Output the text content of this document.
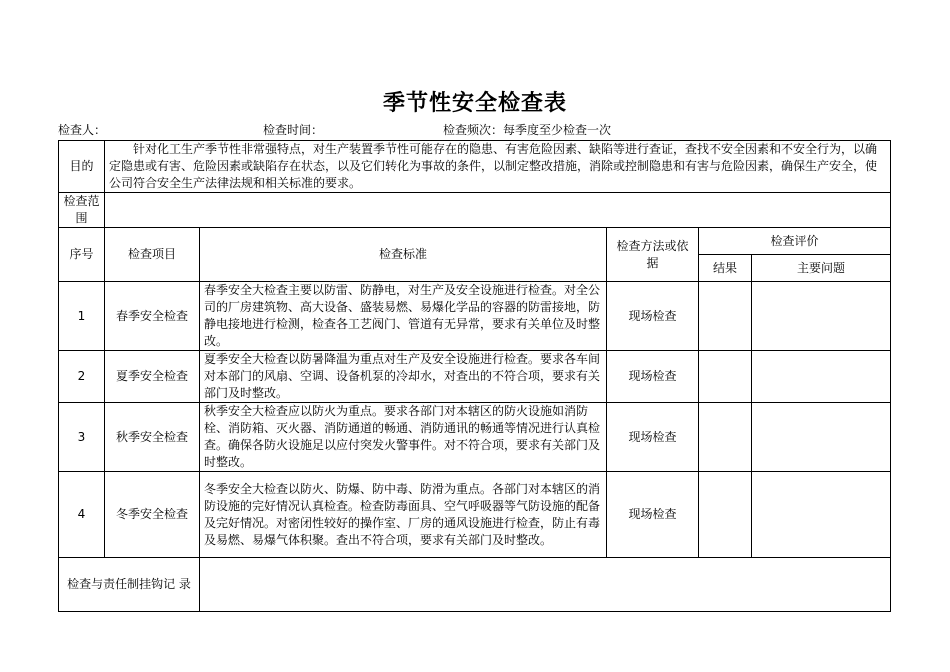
季节性安全检查表
检查人：	检查时间：	检查频次：每季度至少检查一次
目的	针对化工生产季节性非常强特点，对生产装置季节性可能存在的隐患、有害危险因素、缺陷等进行查证，查找不安全因素和不安全行为，以确定隐患或有害、危险因素或缺陷存在状态，以及它们转化为事故的条件，以制定整改措施，消除或控制隐患和有害与危险因素，确保生产安全，使公司符合安全生产法律法规和相关标准的要求。				
检查范围					
序号	检查项目	检查标准	检查方法或依据	检查评价	
				结果	主要问题
1	春季安全检查	春季安全大检查主要以防雷、防静电，对生产及安全设施进行检查。对全公司的厂房建筑物、高大设备、盛装易燃、易爆化学品的容器的防雷接地，防静电接地进行检测，检查各工艺阀门、管道有无异常，要求有关单位及时整改。	现场检查		
2	夏季安全检查	夏季安全大检查以防暑降温为重点对生产及安全设施进行检查。要求各车间对本部门的风扇、空调、设备机泵的冷却水，对查出的不符合项，要求有关部门及时整改。	现场检查		
3	秋季安全检查	秋季安全大检查应以防火为重点。要求各部门对本辖区的防火设施如消防栓、消防箱、灭火器、消防通道的畅通、消防通讯的畅通等情况进行认真检查。确保各防火设施足以应付突发火警事件。对不符合项，要求有关部门及时整改。	现场检查		
4	冬季安全检查	冬季安全大检查以防火、防爆、防中毒、防滑为重点。各部门对本辖区的消防设施的完好情况认真检查。检查防毒面具、空气呼吸器等气防设施的配备及完好情况。对密闭性较好的操作室、厂房的通风设施进行检查，防止有毒及易燃、易爆气体积聚。查出不符合项，要求有关部门及时整改。	现场检查		
检查与责任制挂钩记 录					
